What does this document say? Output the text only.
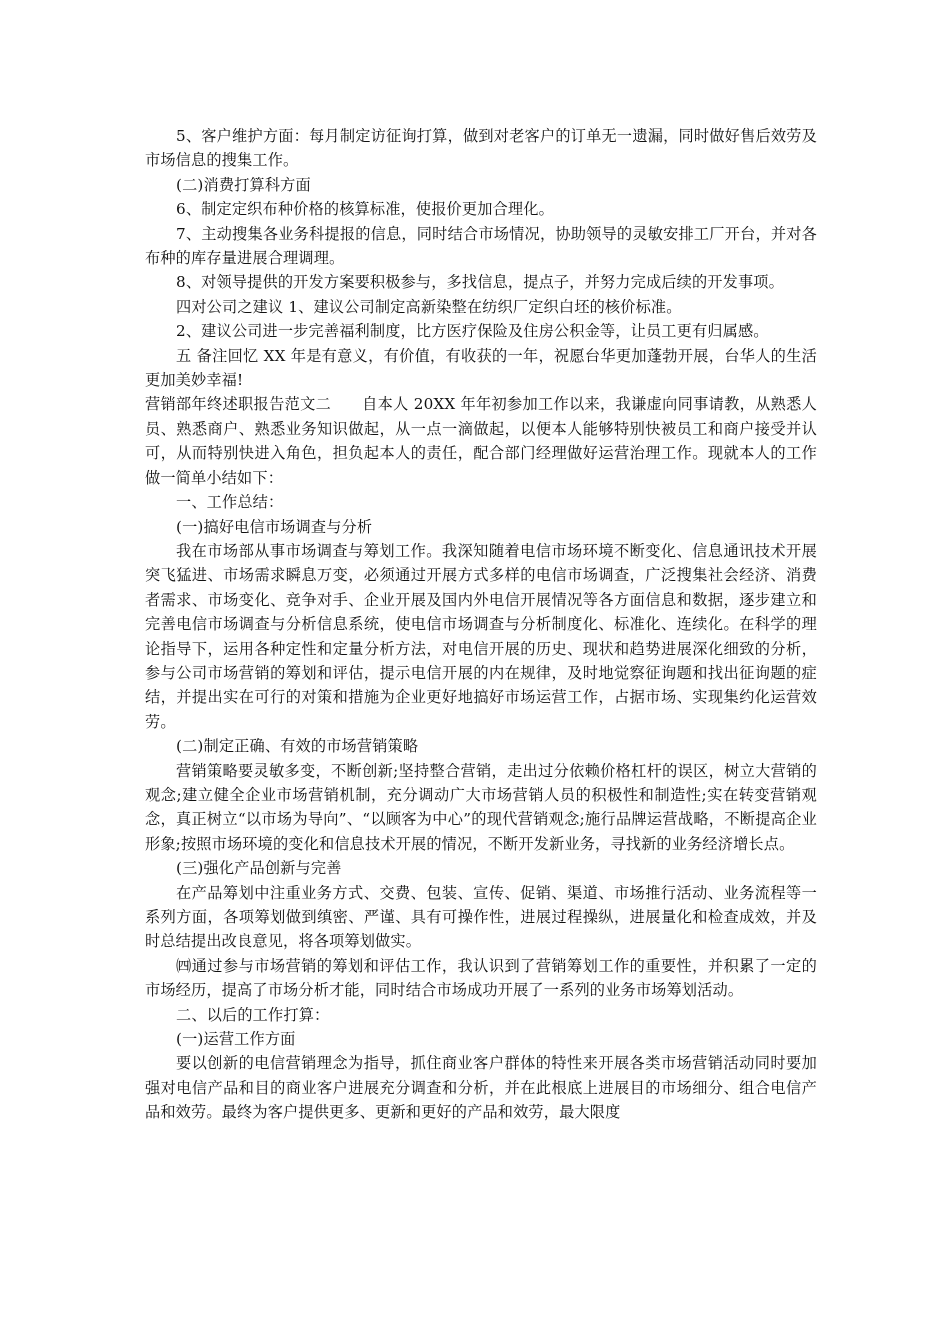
5、客户维护方面：每月制定访征询打算，做到对老客户的订单无一遗漏，同时做好售后效劳及市场信息的搜集工作。

(二)消费打算科方面

6、制定定织布种价格的核算标准，使报价更加合理化。

7、主动搜集各业务科提报的信息，同时结合市场情况，协助领导的灵敏安排工厂开台，并对各布种的库存量进展合理调理。

8、对领导提供的开发方案要积极参与，多找信息，提点子，并努力完成后续的开发事项。

四对公司之建议 1、建议公司制定高新染整在纺织厂定织白坯的核价标准。

2、建议公司进一步完善福利制度，比方医疗保险及住房公积金等，让员工更有归属感。

五 备注回忆 XX 年是有意义，有价值，有收获的一年，祝愿台华更加蓬勃开展，台华人的生活更加美妙幸福!

营销部年终述职报告范文二　　自本人 20XX 年年初参加工作以来，我谦虚向同事请教，从熟悉人员、熟悉商户、熟悉业务知识做起，从一点一滴做起，以便本人能够特别快被员工和商户接受并认可，从而特别快进入角色，担负起本人的责任，配合部门经理做好运营治理工作。现就本人的工作做一简单小结如下：

一、工作总结：

(一)搞好电信市场调查与分析

我在市场部从事市场调查与筹划工作。我深知随着电信市场环境不断变化、信息通讯技术开展突飞猛进、市场需求瞬息万变，必须通过开展方式多样的电信市场调查，广泛搜集社会经济、消费者需求、市场变化、竞争对手、企业开展及国内外电信开展情况等各方面信息和数据，逐步建立和完善电信市场调查与分析信息系统，使电信市场调查与分析制度化、标准化、连续化。在科学的理论指导下，运用各种定性和定量分析方法，对电信开展的历史、现状和趋势进展深化细致的分析，参与公司市场营销的筹划和评估，提示电信开展的内在规律，及时地觉察征询题和找出征询题的症结，并提出实在可行的对策和措施为企业更好地搞好市场运营工作，占据市场、实现集约化运营效劳。

(二)制定正确、有效的市场营销策略

营销策略要灵敏多变，不断创新;坚持整合营销，走出过分依赖价格杠杆的误区，树立大营销的观念;建立健全企业市场营销机制，充分调动广大市场营销人员的积极性和制造性;实在转变营销观念，真正树立“以市场为导向”、“以顾客为中心”的现代营销观念;施行品牌运营战略，不断提高企业形象;按照市场环境的变化和信息技术开展的情况，不断开发新业务，寻找新的业务经济增长点。

(三)强化产品创新与完善

在产品筹划中注重业务方式、交费、包装、宣传、促销、渠道、市场推行活动、业务流程等一系列方面，各项筹划做到缜密、严谨、具有可操作性，进展过程操纵，进展量化和检查成效，并及时总结提出改良意见，将各项筹划做实。

㈣通过参与市场营销的筹划和评估工作，我认识到了营销筹划工作的重要性，并积累了一定的市场经历，提高了市场分析才能，同时结合市场成功开展了一系列的业务市场筹划活动。

二、以后的工作打算：

(一)运营工作方面

要以创新的电信营销理念为指导，抓住商业客户群体的特性来开展各类市场营销活动同时要加强对电信产品和目的商业客户进展充分调查和分析，并在此根底上进展目的市场细分、组合电信产品和效劳。最终为客户提供更多、更新和更好的产品和效劳，最大限度
